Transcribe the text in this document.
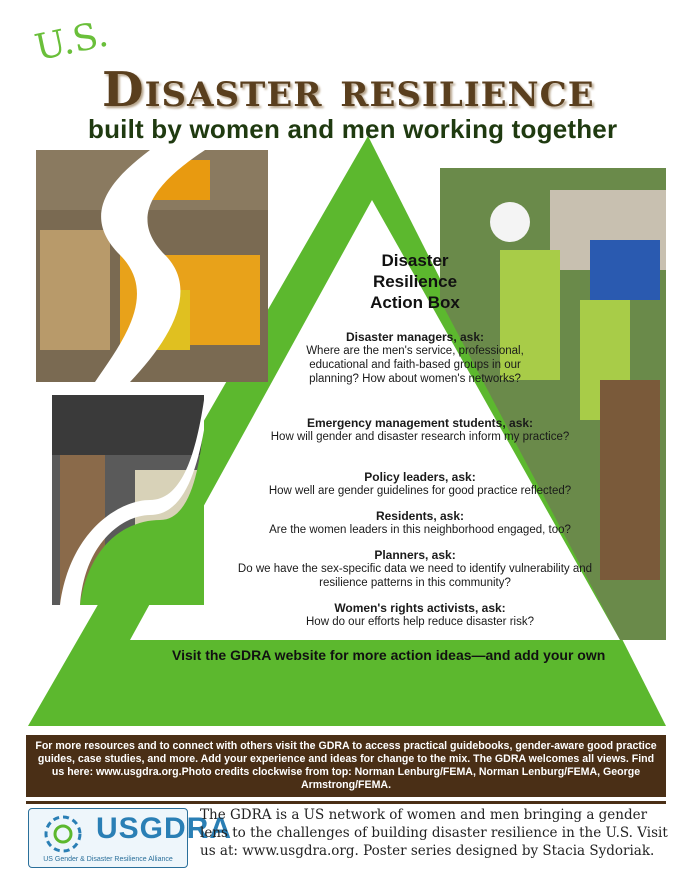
U.S.
Disaster resilience
built by women and men working together
Disaster
Resilience
Action Box
Disaster managers, ask:
Where are the men's service, professional, educational and faith-based groups in our planning? How about women's networks?
Emergency management students, ask:
How will gender and disaster research inform my practice?
Policy leaders, ask:
How well are gender guidelines for good practice reflected?
Residents, ask:
Are the women leaders in this neighborhood engaged, too?
Planners, ask:
Do we have the sex-specific data we need to identify vulnerability and resilience patterns in this community?
Women's rights activists, ask:
How do our efforts help reduce disaster risk?
Visit the GDRA website for more action ideas—and add your own
For more resources and to connect with others visit the GDRA to access practical guidebooks, gender-aware good practice guides, case studies, and more. Add your experience and ideas for change to the mix. The GDRA welcomes all views. Find us here: www.usgdra.org.Photo credits clockwise from top: Norman Lenburg/FEMA, Norman Lenburg/FEMA, George Armstrong/FEMA.
USGDRA
US Gender & Disaster Resilience Alliance
The GDRA is a US network of women and men bringing a gender lens to the challenges of building disaster resilience in the U.S. Visit us at: www.usgdra.org. Poster series designed by Stacia Sydoriak.
